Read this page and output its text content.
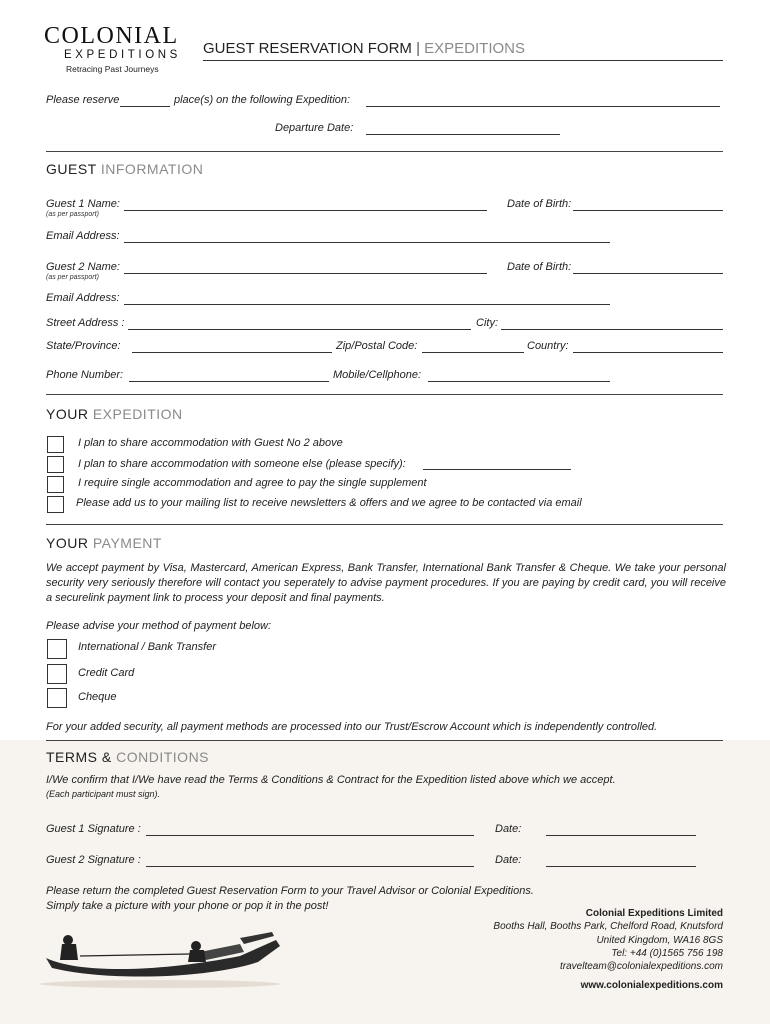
COLONIAL
EXPEDITIONS
Retracing Past Journeys
GUEST RESERVATION FORM | EXPEDITIONS
Please reserve	place(s) on the following Expedition:
Departure Date:
GUEST INFORMATION
Guest 1 Name:
(as per passport)
Date of Birth:
Email Address:
Guest 2 Name:
(as per passport)
Date of Birth:
Email Address:
Street Address :	City:
State/Province:	Zip/Postal Code:	Country:
Phone Number:	Mobile/Cellphone:
YOUR EXPEDITION
I plan to share accommodation with Guest No 2 above
I plan to share accommodation with someone else (please specify):
I require single accommodation and agree to pay the single supplement
Please add us to your mailing list to receive newsletters & offers and we agree to be contacted via email
YOUR PAYMENT
We accept payment by Visa, Mastercard, American Express, Bank Transfer, International Bank Transfer & Cheque. We take your personal security very seriously therefore will contact you seperately to advise payment procedures. If you are paying by credit card, you will receive a securelink payment link to process your deposit and final payments.
Please advise your method of payment below:
International / Bank Transfer
Credit Card
Cheque
For your added security, all payment methods are processed into our Trust/Escrow Account which is independently controlled.
TERMS & CONDITIONS
I/We confirm that I/We have read the Terms & Conditions & Contract for the Expedition listed above which we accept.
(Each participant must sign).
Guest 1 Signature :	Date:
Guest 2 Signature :	Date:
Please return the completed Guest Reservation Form to your Travel Advisor or Colonial Expeditions.
Simply take a picture with your phone or pop it in the post!
Colonial Expeditions Limited
Booths Hall, Booths Park, Chelford Road, Knutsford
United Kingdom, WA16 8GS
Tel: +44 (0)1565 756 198
travelteam@colonialexpeditions.com
www.colonialexpeditions.com
